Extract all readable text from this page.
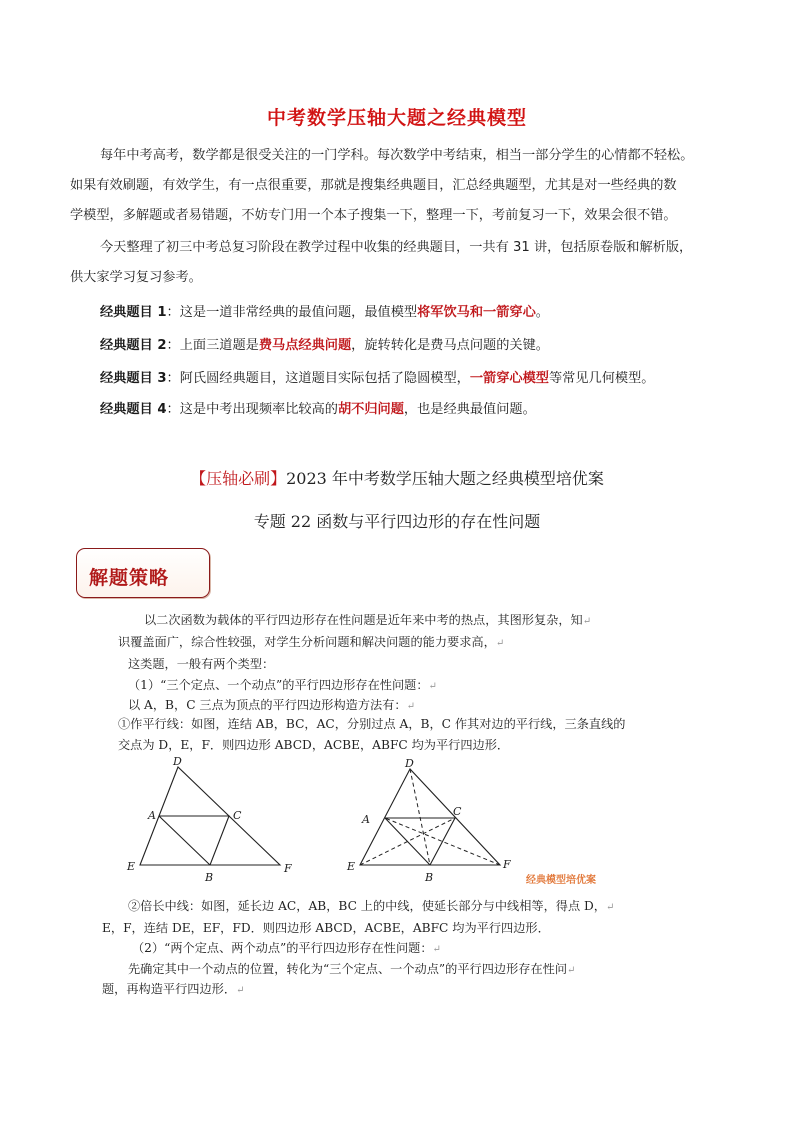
中考数学压轴大题之经典模型
每年中考高考，数学都是很受关注的一门学科。每次数学中考结束，相当一部分学生的心情都不轻松。
如果有效刷题，有效学生，有一点很重要，那就是搜集经典题目，汇总经典题型，尤其是对一些经典的数
学模型，多解题或者易错题，不妨专门用一个本子搜集一下，整理一下，考前复习一下，效果会很不错。
今天整理了初三中考总复习阶段在教学过程中收集的经典题目，一共有 31 讲，包括原卷版和解析版，
供大家学习复习参考。
经典题目 1：这是一道非常经典的最值问题，最值模型将军饮马和一箭穿心。
经典题目 2：上面三道题是费马点经典问题，旋转转化是费马点问题的关键。
经典题目 3：阿氏圆经典题目，这道题目实际包括了隐圆模型，一箭穿心模型等常见几何模型。
经典题目 4：这是中考出现频率比较高的胡不归问题，也是经典最值问题。
【压轴必刷】2023 年中考数学压轴大题之经典模型培优案
专题 22 函数与平行四边形的存在性问题
解题策略
以二次函数为载体的平行四边形存在性问题是近年来中考的热点，其图形复杂，知↵
识覆盖面广，综合性较强，对学生分析问题和解决问题的能力要求高，↵
这类题，一般有两个类型：
（1）“三个定点、一个动点”的平行四边形存在性问题：↵
以 A，B，C 三点为顶点的平行四边形构造方法有：↵
①作平行线：如图，连结 AB，BC，AC，分别过点 A，B，C 作其对边的平行线，三条直线的
交点为 D，E，F．则四边形 ABCD，ACBE，ABFC 均为平行四边形．
D
A	C
E
B
F
D
A
C
E
B
F
经典模型培优案
②倍长中线：如图，延长边 AC，AB，BC 上的中线，使延长部分与中线相等，得点 D，↵
E，F，连结 DE，EF，FD．则四边形 ABCD，ACBE，ABFC 均为平行四边形．
（2）“两个定点、两个动点”的平行四边形存在性问题：↵
先确定其中一个动点的位置，转化为“三个定点、一个动点”的平行四边形存在性问↵
题，再构造平行四边形．↵
